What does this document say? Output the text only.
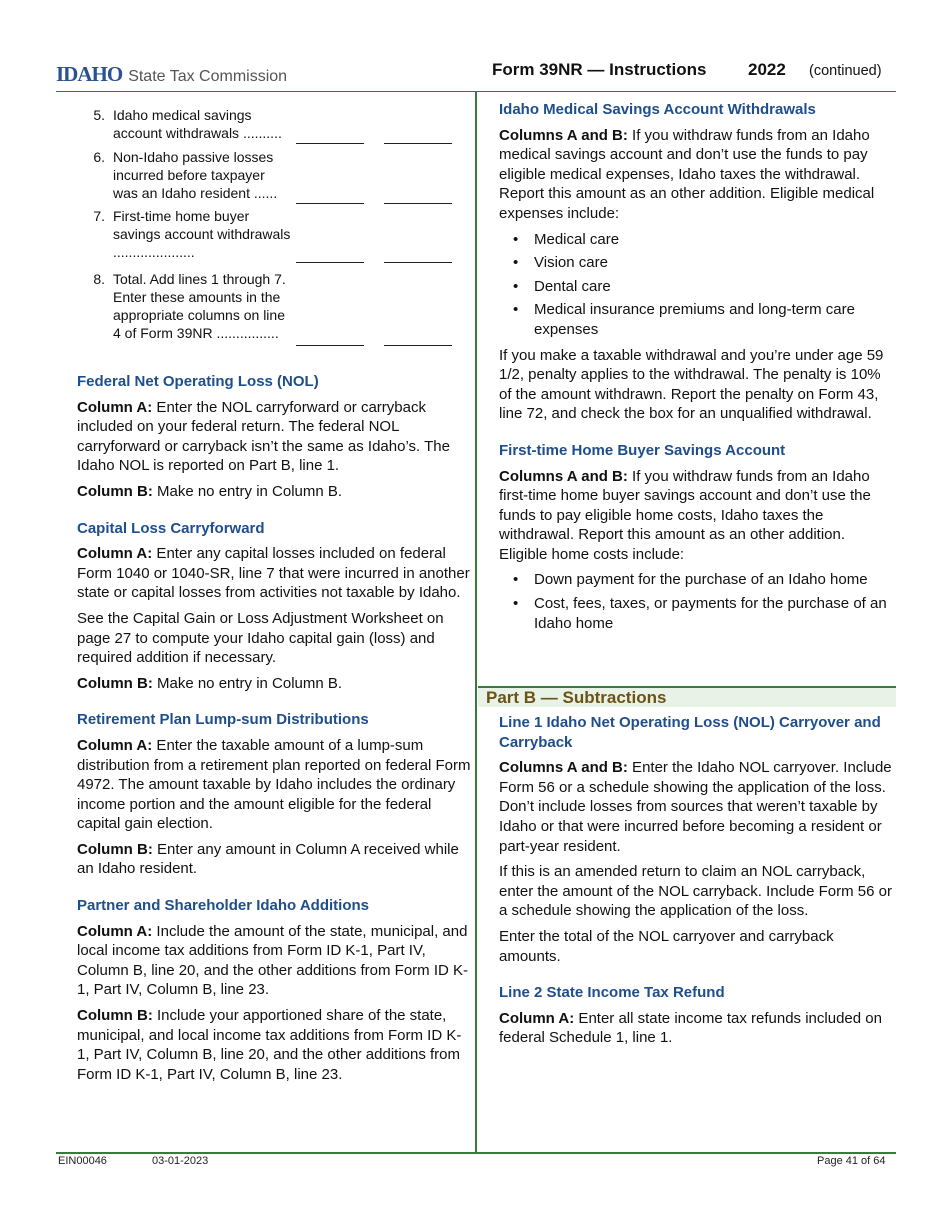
IDAHO State Tax Commission	Form 39NR — Instructions 2022 (continued)
5. Idaho medical savings account withdrawals ..........
6. Non-Idaho passive losses incurred before taxpayer was an Idaho resident ......
7. First-time home buyer savings account withdrawals .....................
8. Total. Add lines 1 through 7. Enter these amounts in the appropriate columns on line 4 of Form 39NR ................
Federal Net Operating Loss (NOL)

Column A: Enter the NOL carryforward or carryback included on your federal return. The federal NOL carryforward or carryback isn’t the same as Idaho’s. The Idaho NOL is reported on Part B, line 1.

Column B: Make no entry in Column B.

Capital Loss Carryforward

Column A: Enter any capital losses included on federal Form 1040 or 1040-SR, line 7 that were incurred in another state or capital losses from activities not taxable by Idaho.

See the Capital Gain or Loss Adjustment Worksheet on page 27 to compute your Idaho capital gain (loss) and required addition if necessary.

Column B: Make no entry in Column B.

Retirement Plan Lump-sum Distributions

Column A: Enter the taxable amount of a lump-sum distribution from a retirement plan reported on federal Form 4972. The amount taxable by Idaho includes the ordinary income portion and the amount eligible for the federal capital gain election.

Column B: Enter any amount in Column A received while an Idaho resident.

Partner and Shareholder Idaho Additions

Column A: Include the amount of the state, municipal, and local income tax additions from Form ID K-1, Part IV, Column B, line 20, and the other additions from Form ID K-1, Part IV, Column B, line 23.

Column B: Include your apportioned share of the state, municipal, and local income tax additions from Form ID K-1, Part IV, Column B, line 20, and the other additions from Form ID K-1, Part IV, Column B, line 23.

Idaho Medical Savings Account Withdrawals

Columns A and B: If you withdraw funds from an Idaho medical savings account and don’t use the funds to pay eligible medical expenses, Idaho taxes the withdrawal. Report this amount as an other addition. Eligible medical expenses include:

• Medical care
• Vision care
• Dental care
• Medical insurance premiums and long-term care expenses

If you make a taxable withdrawal and you’re under age 59 1/2, penalty applies to the withdrawal. The penalty is 10% of the amount withdrawn. Report the penalty on Form 43, line 72, and check the box for an unqualified withdrawal.

First-time Home Buyer Savings Account

Columns A and B: If you withdraw funds from an Idaho first-time home buyer savings account and don’t use the funds to pay eligible home costs, Idaho taxes the withdrawal. Report this amount as an other addition. Eligible home costs include:

• Down payment for the purchase of an Idaho home
• Cost, fees, taxes, or payments for the purchase of an Idaho home
Part B — Subtractions
Line 1 Idaho Net Operating Loss (NOL) Carryover and Carryback

Columns A and B: Enter the Idaho NOL carryover. Include Form 56 or a schedule showing the application of the loss. Don’t include losses from sources that weren’t taxable by Idaho or that were incurred before becoming a resident or part-year resident.

If this is an amended return to claim an NOL carryback, enter the amount of the NOL carryback. Include Form 56 or a schedule showing the application of the loss.

Enter the total of the NOL carryover and carryback amounts.

Line 2 State Income Tax Refund

Column A: Enter all state income tax refunds included on federal Schedule 1, line 1.

EIN00046	03-01-2023	Page 41 of 64
